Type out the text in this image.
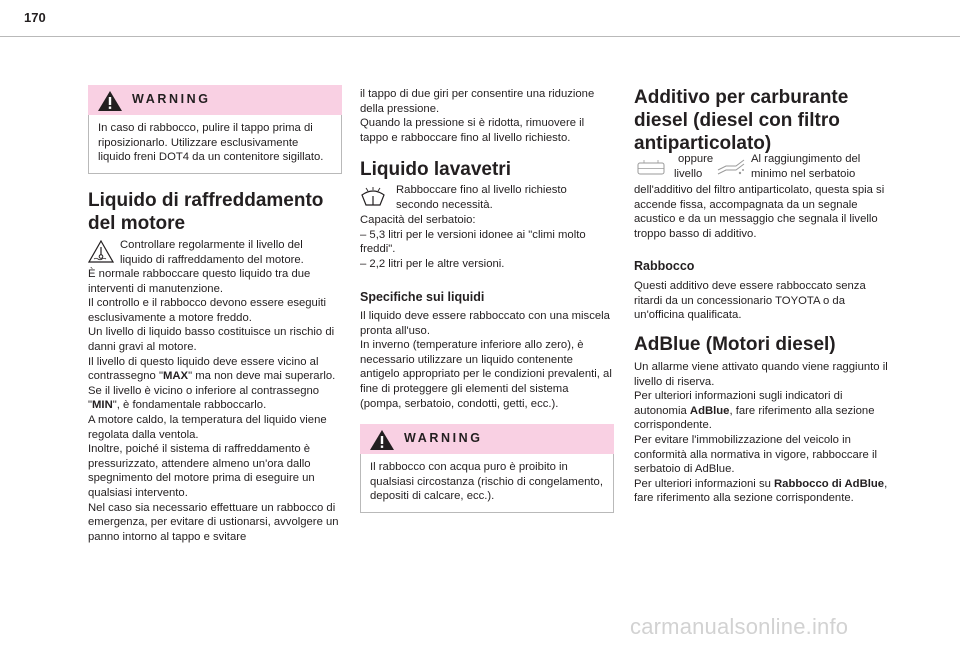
170
WARNING

In caso di rabbocco, pulire il tappo prima di riposizionarlo. Utilizzare esclusivamente liquido freni DOT4 da un contenitore sigillato.

Liquido di raffreddamento
del motore
Controllare regolarmente il livello del
liquido di raffreddamento del motore.

È normale rabboccare questo liquido tra due interventi di manutenzione.

Il controllo e il rabbocco devono essere eseguiti esclusivamente a motore freddo.

Un livello di liquido basso costituisce un rischio di danni gravi al motore.

Il livello di questo liquido deve essere vicino al contrassegno "MAX" ma non deve mai superarlo.

Se il livello è vicino o inferiore al contrassegno "MIN", è fondamentale rabboccarlo.

A motore caldo, la temperatura del liquido viene regolata dalla ventola.

Inoltre, poiché il sistema di raffreddamento è pressurizzato, attendere almeno un'ora dallo spegnimento del motore prima di eseguire un qualsiasi intervento.

Nel caso sia necessario effettuare un rabbocco di emergenza, per evitare di ustionarsi, avvolgere un panno intorno al tappo e svitare

il tappo di due giri per consentire una riduzione della pressione.

Quando la pressione si è ridotta, rimuovere il tappo e rabboccare fino al livello richiesto.

Liquido lavavetri
Rabboccare fino al livello richiesto
secondo necessità.

Capacità del serbatoio:

– 5,3 litri per le versioni idonee ai "climi molto freddi".

– 2,2 litri per le altre versioni.

Specifiche sui liquidi

Il liquido deve essere rabboccato con una miscela pronta all'uso.

In inverno (temperature inferiore allo zero), è necessario utilizzare un liquido contenente antigelo appropriato per le condizioni prevalenti, al fine di proteggere gli elementi del sistema (pompa, serbatoio, condotti, getti, ecc.).

WARNING

Il rabbocco con acqua puro è proibito in qualsiasi circostanza (rischio di congelamento, depositi di calcare, ecc.).

Additivo per carburante
diesel (diesel con filtro
antiparticolato)
oppure
livello
Al raggiungimento del
minimo nel serbatoio

dell'additivo del filtro antiparticolato, questa spia si accende fissa, accompagnata da un segnale acustico e da un messaggio che segnala il livello troppo basso di additivo.

Rabbocco

Questi additivo deve essere rabboccato senza ritardi da un concessionario TOYOTA o da un'officina qualificata.

AdBlue (Motori diesel)

Un allarme viene attivato quando viene raggiunto il livello di riserva.

Per ulteriori informazioni sugli indicatori di autonomia AdBlue, fare riferimento alla sezione corrispondente.

Per evitare l'immobilizzazione del veicolo in conformità alla normativa in vigore, rabboccare il serbatoio di AdBlue.

Per ulteriori informazioni su Rabbocco di AdBlue, fare riferimento alla sezione corrispondente.

carmanualsonline.info
